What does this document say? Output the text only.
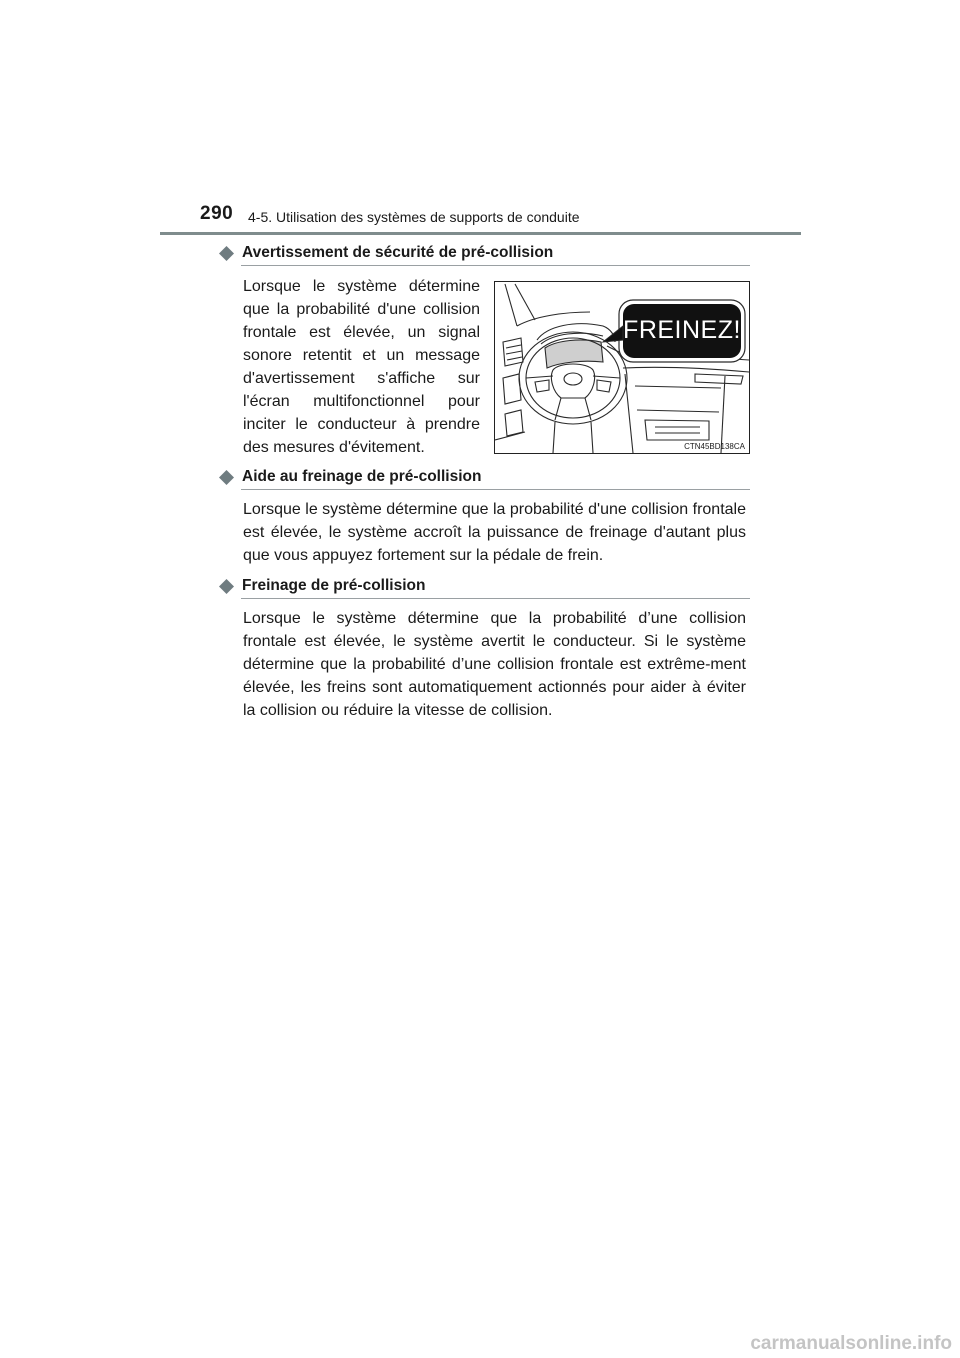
290 4-5. Utilisation des systèmes de supports de conduite
Avertissement de sécurité de pré-collision

Lorsque le système détermine que la probabilité d'une collision frontale est élevée, un signal sonore retentit et un message d'avertissement s'affiche sur l'écran multifonctionnel pour inciter le conducteur à prendre des mesures d'évitement.

FREINEZ!
CTN45BD138CA
Aide au freinage de pré-collision

Lorsque le système détermine que la probabilité d'une collision frontale est élevée, le système accroît la puissance de freinage d'autant plus que vous appuyez fortement sur la pédale de frein.

Freinage de pré-collision

Lorsque le système détermine que la probabilité d’une collision frontale est élevée, le système avertit le conducteur. Si le système détermine que la probabilité d’une collision frontale est extrême-ment élevée, les freins sont automatiquement actionnés pour aider à éviter la collision ou réduire la vitesse de collision.

carmanualsonline.info
